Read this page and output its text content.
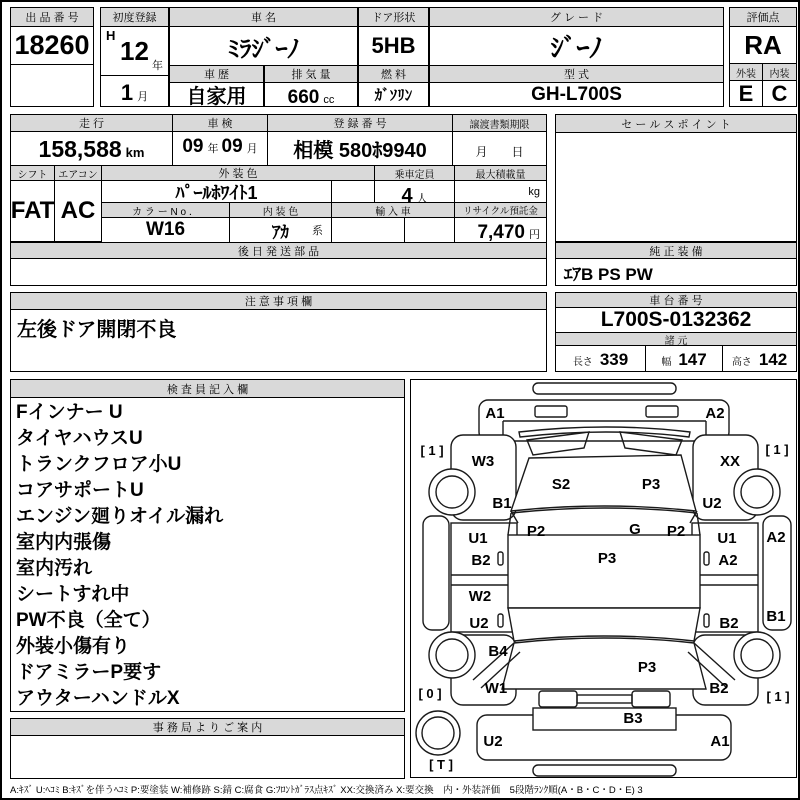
出 品 番 号
18260
初度登録
H 12
年
1 月
車 名
ﾐﾗｼﾞｰﾉ
車 歴
自家用
排 気 量
660 cc
ドア形状
5HB
燃 料
ｶﾞｿﾘﾝ
グ レ ー ド
ｼﾞｰﾉ
型 式
GH-L700S
評価点
RA
外装	内装
E C
走 行
158,588 km
車 検
09 年 09 月
登 録 番 号
相模 580ﾎ9940
譲渡書類期限
月 日
シフト	エアコン
FAT AC
外 装 色
ﾊﾟｰﾙﾎﾜｲﾄ1
乗車定員
4 人
最大積載量
kg
カ ラ ー N o ．
W16
内 装 色
ｱｶ 系
輸 入 車	リサイクル預託金
7,470 円
セ ー ル ス ポ イ ン ト
後 日 発 送 部 品	純 正 装 備
ｴｱB PS PW
注 意 事 項 欄
左後ドア開閉不良
車 台 番 号
L700S-0132362
諸 元
長さ 339	幅 147	高さ 142
検 査 員 記 入 欄
Fインナー U
タイヤハウスU
トランクフロア小U
コアサポートU
エンジン廻りオイル漏れ
室内内張傷
室内汚れ
シートすれ中
PW不良（全て）
外装小傷有り
ドアミラーP要す
アウターハンドルX
事 務 局 よ り ご 案 内
A1	A2
[ 1 ]
W3	XX
[ 1 ]
S2	P3
B1	U2
P2	G P2
U1	U1 A2
P3
B2	A2
W2
U2	B2 B1
B4
P3
W1	B2
[ 0 ]	[ 1 ]
B3
U2	A1
[ T ]
A:ｷｽﾞ U:ﾍｺﾐ B:ｷｽﾞを伴うﾍｺﾐ P:要塗装 W:補修跡 S:錆 C:腐食 G:ﾌﾛﾝﾄｶﾞﾗｽ点ｷｽﾞ XX:交換済み X:要交換　内・外装評価　5段階ﾗﾝｸ順(A・B・C・D・E) 3
